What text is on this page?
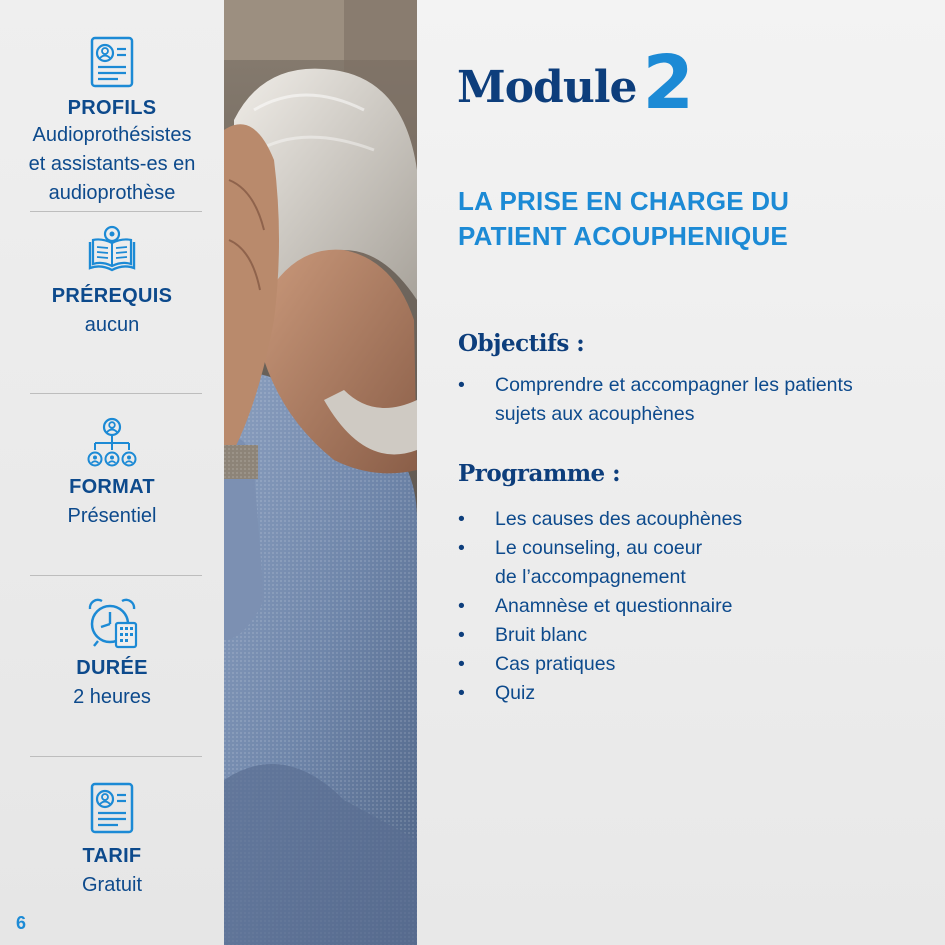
PROFILS
Audioprothésistes
et assistants-es en
audioprothèse
PRÉREQUIS
aucun
FORMAT
Présentiel
DURÉE
2 heures
TARIF
Gratuit
6
Module2
LA PRISE EN CHARGE DU
PATIENT ACOUPHENIQUE
Objectifs :
• Comprendre et accompagner les patients
sujets aux acouphènes
Programme :
• Les causes des acouphènes
• Le counseling, au coeur
de l’accompagnement
• Anamnèse et questionnaire
• Bruit blanc
• Cas pratiques
• Quiz
